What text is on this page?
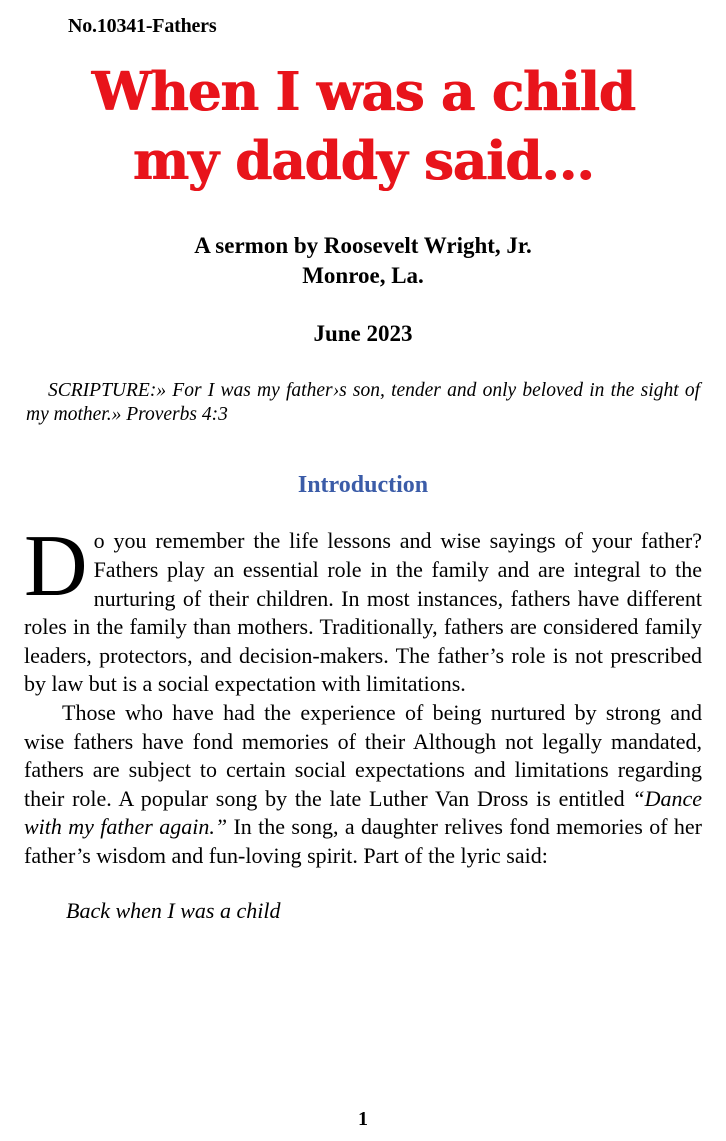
No.10341-Fathers
When I was a child
my daddy said...
A sermon by Roosevelt Wright, Jr.
Monroe, La.
June 2023
SCRIPTURE:» For I was my father›s son, tender and only beloved in the sight of my mother.» Proverbs 4:3
Introduction

Do you remember the life lessons and wise sayings of your father? Fathers play an essential role in the family and are integral to the nurturing of their children. In most instances, fathers have different roles in the family than mothers. Traditionally, fathers are considered family leaders, protectors, and decision-makers. The father’s role is not prescribed by law but is a social expectation with limitations.

Those who have had the experience of being nurtured by strong and wise fathers have fond memories of their Although not legally mandated, fathers are subject to certain social expectations and limitations regarding their role. A popular song by the late Luther Van Dross is entitled “Dance with my father again.” In the song, a daughter relives fond memories of her father’s wisdom and fun-loving spirit. Part of the lyric said:

Back when I was a child
1
